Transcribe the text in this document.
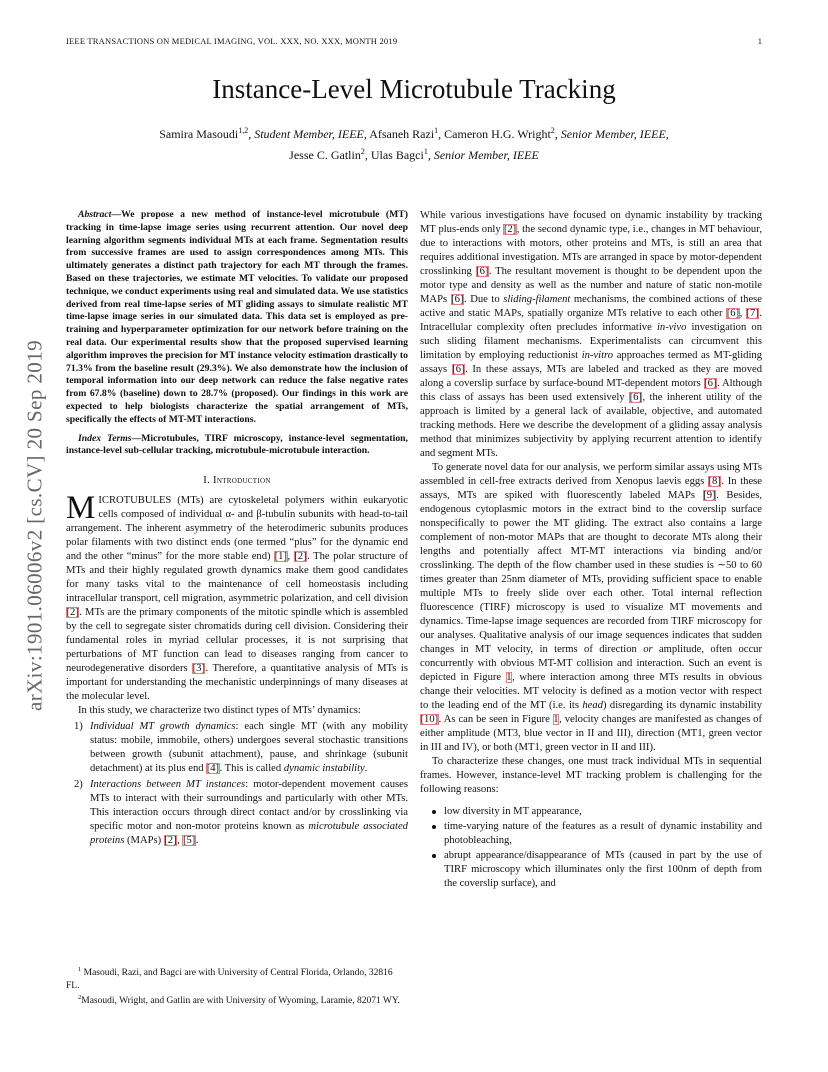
IEEE TRANSACTIONS ON MEDICAL IMAGING, VOL. XXX, NO. XXX, MONTH 2019	1
Instance-Level Microtubule Tracking
Samira Masoudi$^{1,2}$, Student Member, IEEE, Afsaneh Razi$^1$, Cameron H.G. Wright$^2$, Senior Member, IEEE,
Jesse C. Gatlin$^2$, Ulas Bagci$^1$, Senior Member, IEEE
arXiv:1901.06006v2 [cs.CV] 20 Sep 2019

Abstract—We propose a new method of instance-level microtubule (MT) tracking in time-lapse image series using recurrent attention. Our novel deep learning algorithm segments individual MTs at each frame. Segmentation results from successive frames are used to assign correspondences among MTs. This ultimately generates a distinct path trajectory for each MT through the frames. Based on these trajectories, we estimate MT velocities. To validate our proposed technique, we conduct experiments using real and simulated data. We use statistics derived from real time-lapse series of MT gliding assays to simulate realistic MT time-lapse image series in our simulated data. This data set is employed as pre-training and hyperparameter optimization for our network before training on the real data. Our experimental results show that the proposed supervised learning algorithm improves the precision for MT instance velocity estimation drastically to 71.3% from the baseline result (29.3%). We also demonstrate how the inclusion of temporal information into our deep network can reduce the false negative rates from 67.8% (baseline) down to 28.7% (proposed). Our findings in this work are expected to help biologists characterize the spatial arrangement of MTs, specifically the effects of MT-MT interactions.

Index Terms—Microtubules, TIRF microscopy, instance-level segmentation, instance-level sub-cellular tracking, microtubule-microtubule interaction.

I. Introduction

MICROTUBULES (MTs) are cytoskeletal polymers within eukaryotic cells composed of individual α- and β-tubulin subunits with head-to-tail arrangement. The inherent asymmetry of the heterodimeric subunits produces polar filaments with two distinct ends (one termed “plus” for the dynamic end and the other “minus” for the more stable end) [1], [2]. The polar structure of MTs and their highly regulated growth dynamics make them good candidates for many tasks vital to the maintenance of cell homeostasis including intracellular transport, cell migration, asymmetric polarization, and cell division [2]. MTs are the primary components of the mitotic spindle which is assembled by the cell to segregate sister chromatids during cell division. Considering their fundamental roles in myriad cellular processes, it is not surprising that perturbations of MT function can lead to diseases ranging from cancer to neurodegenerative disorders [3]. Therefore, a quantitative analysis of MTs is important for understanding the mechanistic underpinnings of many diseases at the molecular level.

In this study, we characterize two distinct types of MTs’ dynamics:

1) Individual MT growth dynamics: each single MT (with any mobility status: mobile, immobile, others) undergoes several stochastic transitions between growth (subunit attachment), pause, and shrinkage (subunit detachment) at its plus end [4]. This is called dynamic instability.
2) Interactions between MT instances: motor-dependent movement causes MTs to interact with their surroundings and particularly with other MTs. This interaction occurs through direct contact and/or by crosslinking via specific motor and non-motor proteins known as microtubule associated proteins (MAPs) [2], [5].

$^1$ Masoudi, Razi, and Bagci are with University of Central Florida, Orlando, 32816 FL.

$^2$Masoudi, Wright, and Gatlin are with University of Wyoming, Laramie, 82071 WY.

While various investigations have focused on dynamic instability by tracking MT plus-ends only [2], the second dynamic type, i.e., changes in MT behaviour, due to interactions with motors, other proteins and MTs, is still an area that requires additional investigation. MTs are arranged in space by motor-dependent crosslinking [6]. The resultant movement is thought to be dependent upon the motor type and density as well as the number and nature of static non-motile MAPs [6]. Due to sliding-filament mechanisms, the combined actions of these active and static MAPs, spatially organize MTs relative to each other [6], [7]. Intracellular complexity often precludes informative in-vivo investigation on such sliding filament mechanisms. Experimentalists can circumvent this limitation by employing reductionist in-vitro approaches termed as MT-gliding assays [6]. In these assays, MTs are labeled and tracked as they are moved along a coverslip surface by surface-bound MT-dependent motors [6]. Although this class of assays has been used extensively [6], the inherent utility of the approach is limited by a general lack of available, objective, and automated tracking methods. Here we describe the development of a gliding assay analysis method that minimizes subjectivity by applying recurrent attention to identify and segment MTs.

To generate novel data for our analysis, we perform similar assays using MTs assembled in cell-free extracts derived from Xenopus laevis eggs [8]. In these assays, MTs are spiked with fluorescently labeled MAPs [9]. Besides, endogenous cytoplasmic motors in the extract bind to the coverslip surface nonspecifically to power the MT gliding. The extract also contains a large complement of non-motor MAPs that are thought to decorate MTs along their lengths and potentially affect MT-MT interactions via binding and/or crosslinking. The depth of the flow chamber used in these studies is ∼50 to 60 times greater than 25nm diameter of MTs, providing sufficient space to enable multiple MTs to freely slide over each other. Total internal reflection fluorescence (TIRF) microscopy is used to visualize MT movements and dynamics. Time-lapse image sequences are recorded from TIRF microscopy for our analyses. Qualitative analysis of our image sequences indicates that sudden changes in MT velocity, in terms of direction or amplitude, often occur concurrently with obvious MT-MT collision and interaction. Such an event is depicted in Figure 1, where interaction among three MTs results in obvious change their velocities. MT velocity is defined as a motion vector with respect to the leading end of the MT (i.e. its head) disregarding its dynamic instability [10]. As can be seen in Figure 1, velocity changes are manifested as changes of either amplitude (MT3, blue vector in II and III), direction (MT1, green vector in III and IV), or both (MT1, green vector in II and III).

To characterize these changes, one must track individual MTs in sequential frames. However, instance-level MT tracking problem is challenging for the following reasons:

low diversity in MT appearance,
time-varying nature of the features as a result of dynamic instability and photobleaching,
abrupt appearance/disappearance of MTs (caused in part by the use of TIRF microscopy which illuminates only the first 100nm of depth from the coverslip surface), and
